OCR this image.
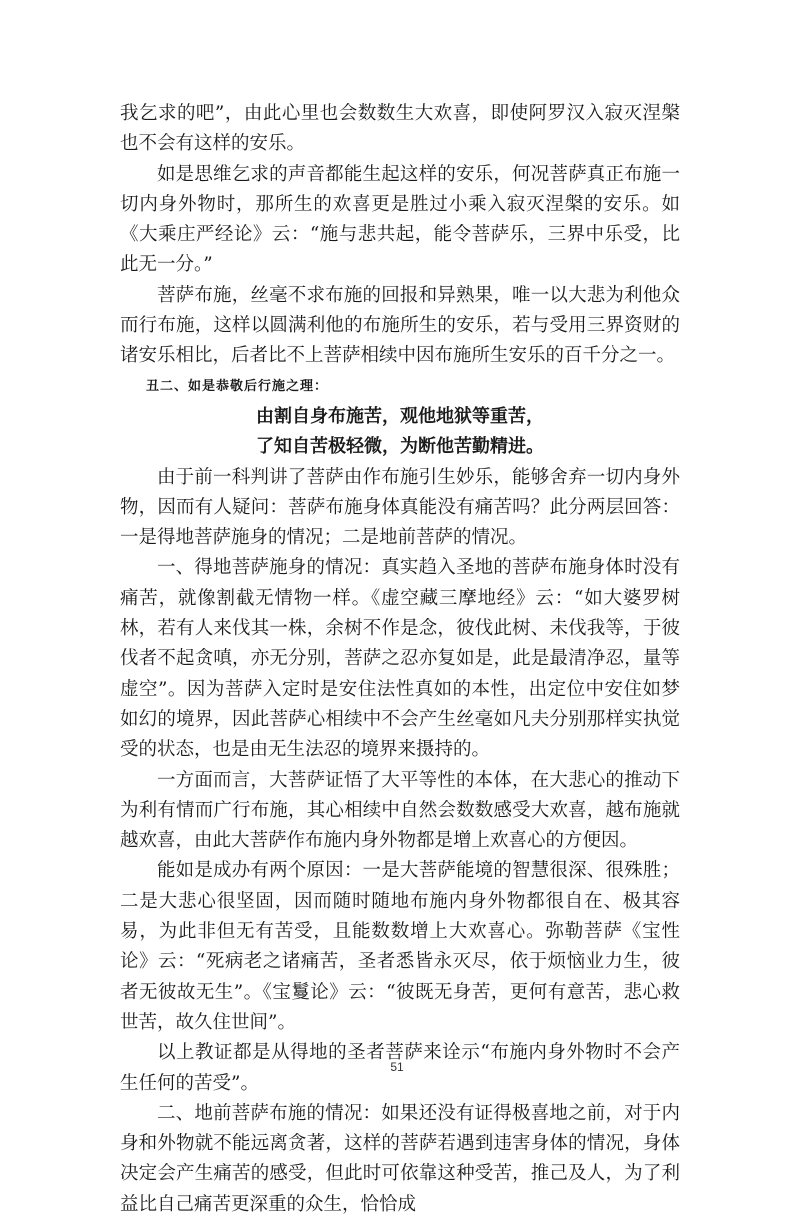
我乞求的吧”，由此心里也会数数生大欢喜，即使阿罗汉入寂灭涅槃也不会有这样的安乐。

如是思维乞求的声音都能生起这样的安乐，何况菩萨真正布施一切内身外物时，那所生的欢喜更是胜过小乘入寂灭涅槃的安乐。如《大乘庄严经论》云：“施与悲共起，能令菩萨乐，三界中乐受，比此无一分。”

菩萨布施，丝毫不求布施的回报和异熟果，唯一以大悲为利他众而行布施，这样以圆满利他的布施所生的安乐，若与受用三界资财的诸安乐相比，后者比不上菩萨相续中因布施所生安乐的百千分之一。

丑二、如是恭敬后行施之理：

由割自身布施苦，观他地狱等重苦，

了知自苦极轻微，为断他苦勤精进。

由于前一科判讲了菩萨由作布施引生妙乐，能够舍弃一切内身外物，因而有人疑问：菩萨布施身体真能没有痛苦吗？此分两层回答：一是得地菩萨施身的情况；二是地前菩萨的情况。

一、得地菩萨施身的情况：真实趋入圣地的菩萨布施身体时没有痛苦，就像割截无情物一样。《虚空藏三摩地经》云：“如大婆罗树林，若有人来伐其一株，余树不作是念，彼伐此树、未伐我等，于彼伐者不起贪嗔，亦无分别，菩萨之忍亦复如是，此是最清净忍，量等虚空”。因为菩萨入定时是安住法性真如的本性，出定位中安住如梦如幻的境界，因此菩萨心相续中不会产生丝毫如凡夫分别那样实执觉受的状态，也是由无生法忍的境界来摄持的。

一方面而言，大菩萨证悟了大平等性的本体，在大悲心的推动下为利有情而广行布施，其心相续中自然会数数感受大欢喜，越布施就越欢喜，由此大菩萨作布施内身外物都是增上欢喜心的方便因。

能如是成办有两个原因：一是大菩萨能境的智慧很深、很殊胜；二是大悲心很坚固，因而随时随地布施内身外物都很自在、极其容易，为此非但无有苦受，且能数数增上大欢喜心。弥勒菩萨《宝性论》云：“死病老之诸痛苦，圣者悉皆永灭尽，依于烦恼业力生，彼者无彼故无生”。《宝鬘论》云：“彼既无身苦，更何有意苦，悲心救世苦，故久住世间”。

以上教证都是从得地的圣者菩萨来诠示“布施内身外物时不会产生任何的苦受”。

二、地前菩萨布施的情况：如果还没有证得极喜地之前，对于内身和外物就不能远离贪著，这样的菩萨若遇到违害身体的情况，身体决定会产生痛苦的感受，但此时可依靠这种受苦，推己及人，为了利益比自己痛苦更深重的众生，恰恰成

51
